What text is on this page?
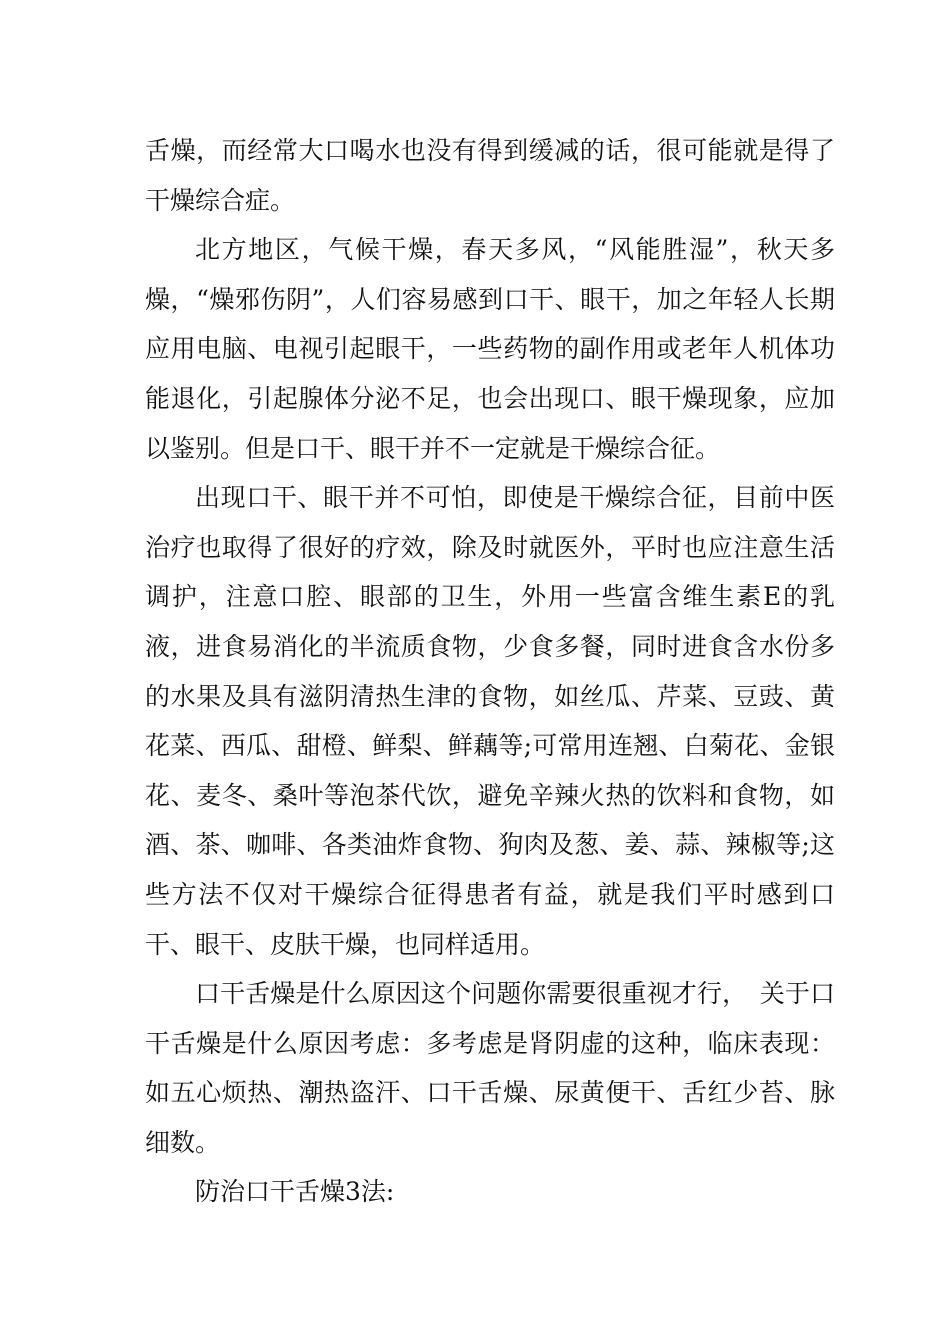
舌燥，而经常大口喝水也没有得到缓减的话，很可能就是得了干燥综合症。

北方地区，气候干燥，春天多风，“风能胜湿”，秋天多燥，“燥邪伤阴”，人们容易感到口干、眼干，加之年轻人长期应用电脑、电视引起眼干，一些药物的副作用或老年人机体功能退化，引起腺体分泌不足，也会出现口、眼干燥现象，应加以鉴别。但是口干、眼干并不一定就是干燥综合征。

出现口干、眼干并不可怕，即使是干燥综合征，目前中医治疗也取得了很好的疗效，除及时就医外，平时也应注意生活调护，注意口腔、眼部的卫生，外用一些富含维生素E的乳液，进食易消化的半流质食物，少食多餐，同时进食含水份多的水果及具有滋阴清热生津的食物，如丝瓜、芹菜、豆豉、黄花菜、西瓜、甜橙、鲜梨、鲜藕等;可常用连翘、白菊花、金银花、麦冬、桑叶等泡茶代饮，避免辛辣火热的饮料和食物，如酒、茶、咖啡、各类油炸食物、狗肉及葱、姜、蒜、辣椒等;这些方法不仅对干燥综合征得患者有益，就是我们平时感到口干、眼干、皮肤干燥，也同样适用。

口干舌燥是什么原因这个问题你需要很重视才行，　关于口干舌燥是什么原因考虑：多考虑是肾阴虚的这种，临床表现：如五心烦热、潮热盗汗、口干舌燥、尿黄便干、舌红少苔、脉细数。

防治口干舌燥3法:
